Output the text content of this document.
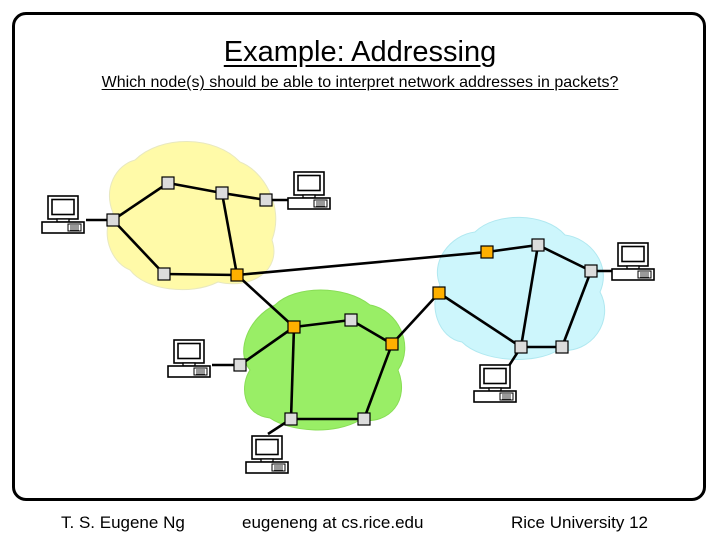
Example: Addressing
Which node(s) should be able to interpret network addresses in packets?
T. S. Eugene Ng	eugeneng at cs.rice.edu	Rice University 12
